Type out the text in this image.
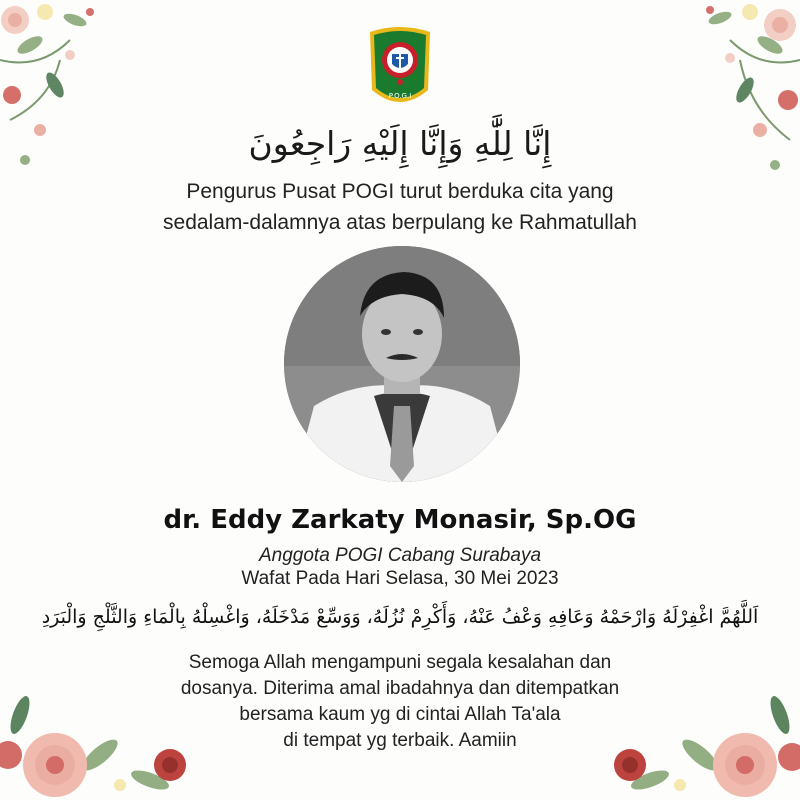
P.O.G.I
إِنَّا لِلَّٰهِ وَإِنَّا إِلَيْهِ رَاجِعُونَ
Pengurus Pusat POGI turut berduka cita yang
sedalam-dalamnya atas berpulang ke Rahmatullah
dr. Eddy Zarkaty Monasir, Sp.OG
Anggota POGI Cabang Surabaya
Wafat Pada Hari Selasa, 30 Mei 2023
اَللَّهُمَّ اغْفِرْلَهُ وَارْحَمْهُ وَعَافِهِ وَعْفُ عَنْهُ، وَأَكْرِمْ نُزُلَهُ، وَوَسِّعْ مَدْخَلَهُ، وَاغْسِلْهُ بِالْمَاءِ وَالثَّلْجِ وَالْبَرَدِ
Semoga Allah mengampuni segala kesalahan dan
dosanya. Diterima amal ibadahnya dan ditempatkan
bersama kaum yg di cintai Allah Ta'ala
di tempat yg terbaik. Aamiin
